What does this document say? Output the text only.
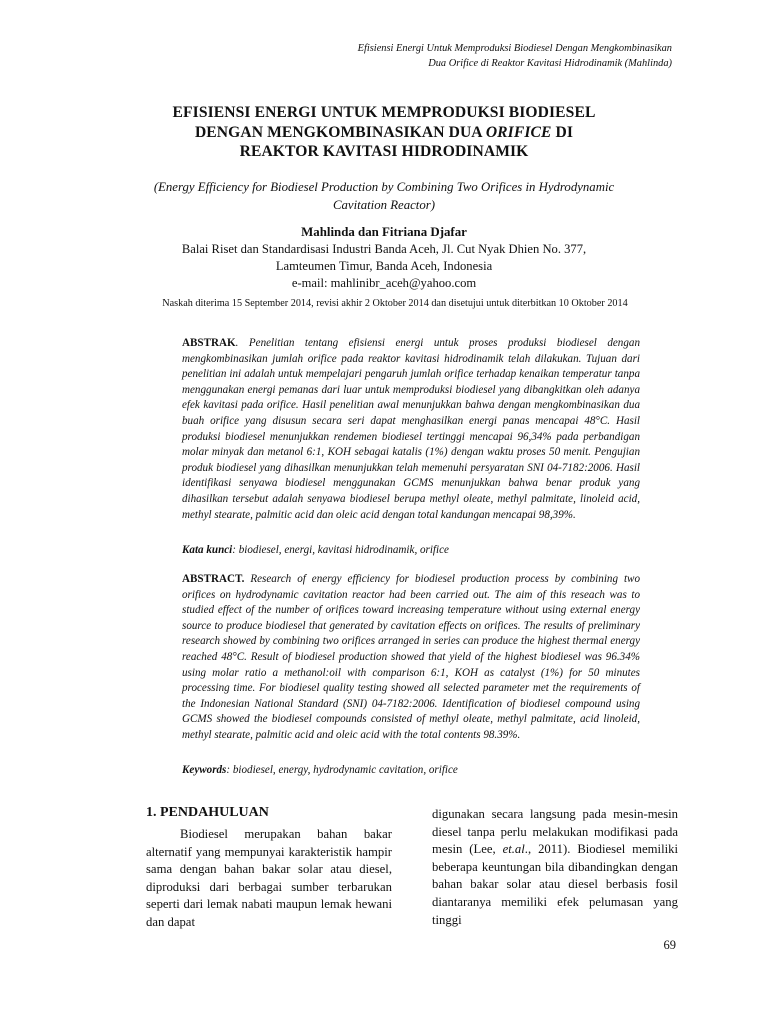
Efisiensi Energi Untuk Memproduksi Biodiesel Dengan Mengkombinasikan
Dua Orifice di Reaktor Kavitasi Hidrodinamik (Mahlinda)
EFISIENSI ENERGI UNTUK MEMPRODUKSI BIODIESEL
DENGAN MENGKOMBINASIKAN DUA ORIFICE DI
REAKTOR KAVITASI HIDRODINAMIK
(Energy Efficiency for Biodiesel Production by Combining Two Orifices in Hydrodynamic Cavitation Reactor)
Mahlinda dan Fitriana Djafar
Balai Riset dan Standardisasi Industri Banda Aceh, Jl. Cut Nyak Dhien No. 377,
Lamteumen Timur, Banda Aceh, Indonesia
e-mail: mahlinibr_aceh@yahoo.com
Naskah diterima 15 September 2014, revisi akhir 2 Oktober 2014 dan disetujui untuk diterbitkan 10 Oktober 2014
ABSTRAK. Penelitian tentang efisiensi energi untuk proses produksi biodiesel dengan mengkombinasikan jumlah orifice pada reaktor kavitasi hidrodinamik telah dilakukan. Tujuan dari penelitian ini adalah untuk mempelajari pengaruh jumlah orifice terhadap kenaikan temperatur tanpa menggunakan energi pemanas dari luar untuk memproduksi biodiesel yang dibangkitkan oleh adanya efek kavitasi pada orifice. Hasil penelitian awal menunjukkan bahwa dengan mengkombinasikan dua buah orifice yang disusun secara seri dapat menghasilkan energi panas mencapai 48°C. Hasil produksi biodiesel menunjukkan rendemen biodiesel tertinggi mencapai 96,34% pada perbandigan molar minyak dan metanol 6:1, KOH sebagai katalis (1%) dengan waktu proses 50 menit. Pengujian produk biodiesel yang dihasilkan menunjukkan telah memenuhi persyaratan SNI 04-7182:2006. Hasil identifikasi senyawa biodiesel menggunakan GCMS menunjukkan bahwa benar produk yang dihasilkan tersebut adalah senyawa biodiesel berupa methyl oleate, methyl palmitate, linoleid acid, methyl stearate, palmitic acid dan oleic acid dengan total kandungan mencapai 98,39%.
Kata kunci: biodiesel, energi, kavitasi hidrodinamik, orifice
ABSTRACT. Research of energy efficiency for biodiesel production process by combining two orifices on hydrodynamic cavitation reactor had been carried out. The aim of this reseach was to studied effect of the number of orifices toward increasing temperature without using external energy source to produce biodiesel that generated by cavitation effects on orifices. The results of preliminary research showed by combining two orifices arranged in series can produce the highest thermal energy reached 48°C. Result of biodiesel production showed that yield of the highest biodiesel was 96.34% using molar ratio a methanol:oil with comparison 6:1, KOH as catalyst (1%) for 50 minutes processing time. For biodiesel quality testing showed all selected parameter met the requirements of the Indonesian National Standard (SNI) 04-7182:2006. Identification of biodiesel compound using GCMS showed the biodiesel compounds consisted of methyl oleate, methyl palmitate, acid linoleid, methyl stearate, palmitic acid and oleic acid with the total contents 98.39%.
Keywords: biodiesel, energy, hydrodynamic cavitation, orifice
1. PENDAHULUAN
Biodiesel merupakan bahan bakar alternatif yang mempunyai karakteristik hampir sama dengan bahan bakar solar atau diesel, diproduksi dari berbagai sumber terbarukan seperti dari lemak nabati maupun lemak hewani dan dapat
digunakan secara langsung pada mesin-mesin diesel tanpa perlu melakukan modifikasi pada mesin (Lee, et.al., 2011). Biodiesel memiliki beberapa keuntungan bila dibandingkan dengan bahan bakar solar atau diesel berbasis fosil diantaranya memiliki efek pelumasan yang tinggi
69
